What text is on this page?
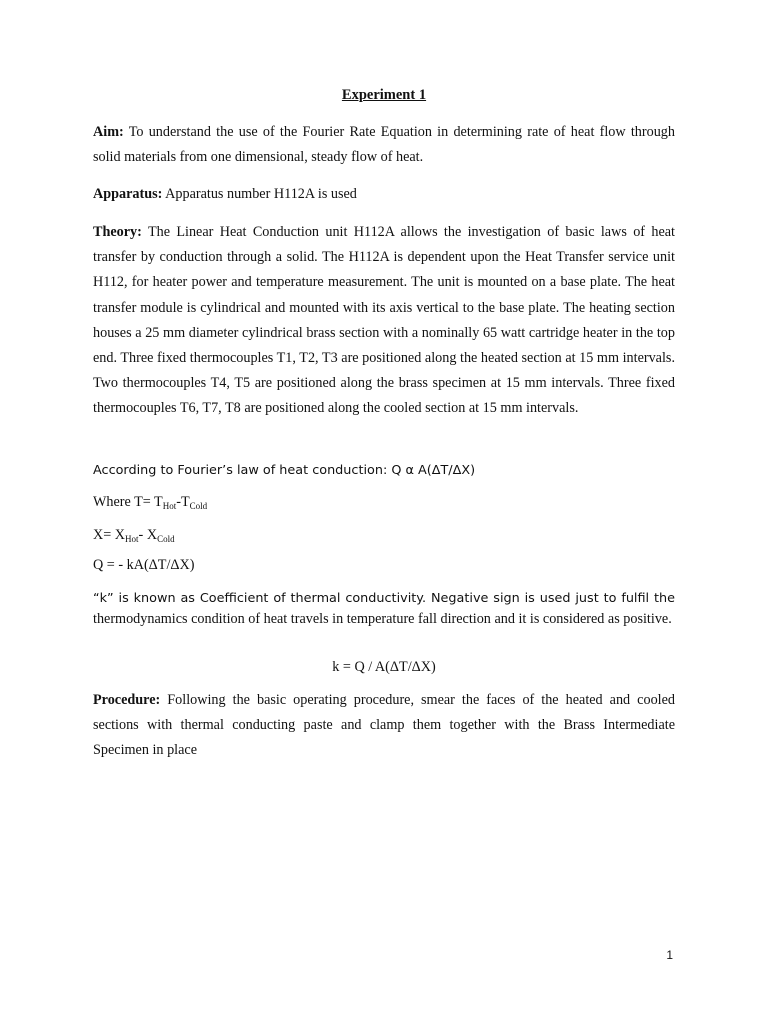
Experiment 1
Aim: To understand the use of the Fourier Rate Equation in determining rate of heat flow through solid materials from one dimensional, steady flow of heat.
Apparatus: Apparatus number H112A is used
Theory: The Linear Heat Conduction unit H112A allows the investigation of basic laws of heat transfer by conduction through a solid. The H112A is dependent upon the Heat Transfer service unit H112, for heater power and temperature measurement. The unit is mounted on a base plate. The heat transfer module is cylindrical and mounted with its axis vertical to the base plate. The heating section houses a 25 mm diameter cylindrical brass section with a nominally 65 watt cartridge heater in the top end. Three fixed thermocouples T1, T2, T3 are positioned along the heated section at 15 mm intervals. Two thermocouples T4, T5 are positioned along the brass specimen at 15 mm intervals. Three fixed thermocouples T6, T7, T8 are positioned along the cooled section at 15 mm intervals.
According to Fourier’s law of heat conduction: Q α A(ΔT/ΔX)
Where $T= T_{Hot}-T_{Cold}$
$X= X_{Hot}-$ $X_{Cold}$
Q = - kA(ΔT/ΔX)
“k” is known as Coefficient of thermal conductivity. Negative sign is used just to fulfil the thermodynamics condition of heat travels in temperature fall direction and it is considered as positive.
k = Q / A(ΔT/ΔX)
Procedure: Following the basic operating procedure, smear the faces of the heated and cooled sections with thermal conducting paste and clamp them together with the Brass Intermediate Specimen in place
1
